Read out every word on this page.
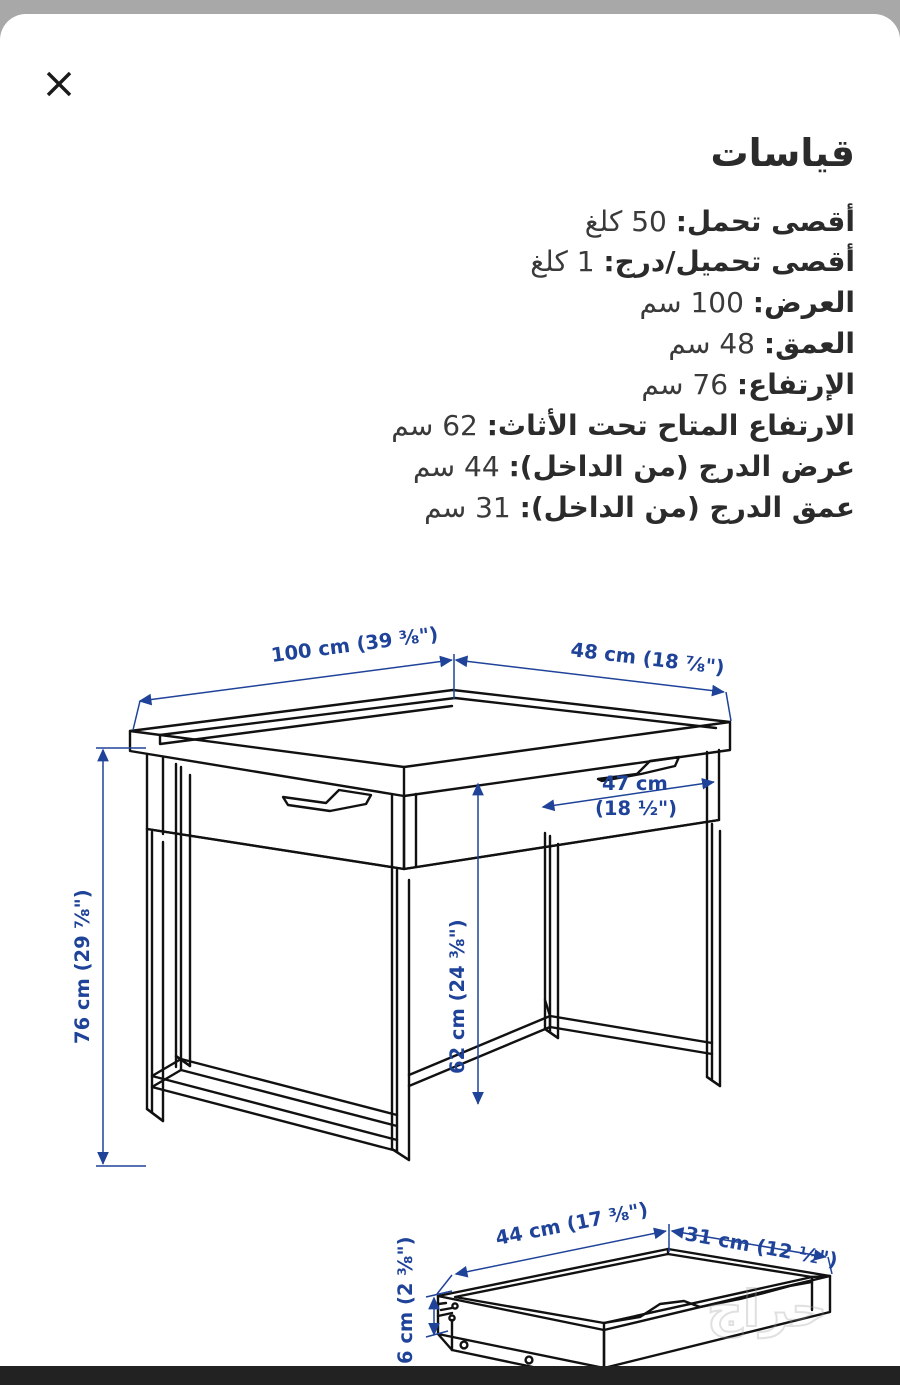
قياسات

أقصى تحمل: 50 كلغ

أقصى تحميل/درج: 1 كلغ

العرض: 100 سم

العمق: 48 سم

الإرتفاع: 76 سم

الارتفاع المتاح تحت الأثاث: 62 سم

عرض الدرج (من الداخل): 44 سم

عمق الدرج (من الداخل): 31 سم

100 cm (39 ⅜")	48 cm (18 ⅞")
76 cm (29 ⅞")	62 cm (24 ⅜")
47 cm
(18 ½")
44 cm (17 ⅜") 31 cm (12 ½")
6 cm (2 ⅜")	حراج
